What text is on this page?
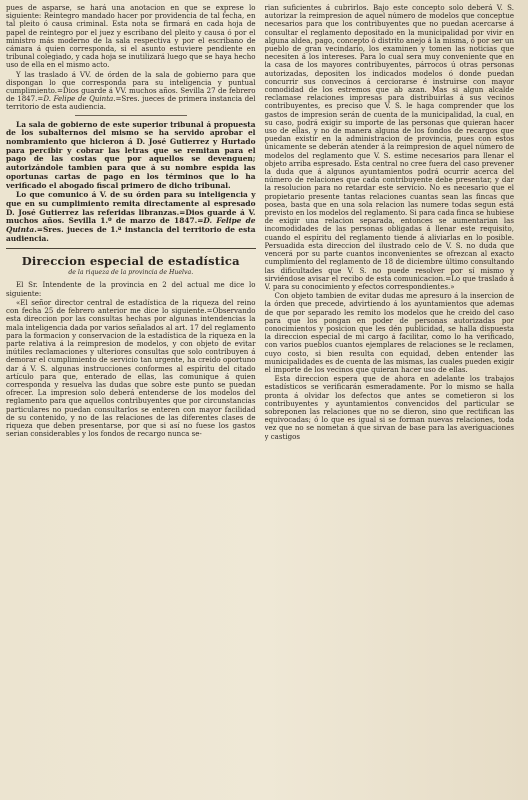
pues de asparse, se hará una anotacion en que se exprese lo siguiente: Reintegro mandado hacer por providencia de tal fecha, en tal pleito ó causa criminal. Esta nota se firmará en cada hoja de papel de reintegro por el juez y escribano del pleito y causa ó por el ministro más moderno de la sala respectiva y por el escribano de cámara á quien corresponda, si el asunto estuviere pendiente en tribunal colegiado, y cada hoja se inutilizará luego que se haya hecho uso de ella en el mismo acto.

Y las traslado á VV. de órden de la sala de gobierno para que dispongan lo que corresponda para su inteligencia y puntual cumplimiento.=Dios guarde á VV. muchos años. Sevilla 27 de febrero de 1847.=D. Felipe de Quinta.=Sres. jueces de primera instancia del territorio de esta audiencia.

La sala de gobierno de este superior tribunal á propuesta de los subalternos del mismo se ha servido aprobar el nombramiento que hicieron á D. José Gutierrez y Hurtado para percibir y cobrar las letras que se remitan para el pago de las costas que por aquellos se devenguen; autorizándole tambien para que á su nombre espida las oportunas cartas de pago en los términos que lo ha verificado el abogado fiscal primero de dicho tribunal.

Lo que comunico á V. de su órden para su inteligencia y que en su cumplimiento remita directamente al espresado D. José Gutierrez las referidas libranzas.=Dios guarde á V. muchos años. Sevilla 1.º de marzo de 1847.=D. Felipe de Quinta.=Sres. jueces de 1.ª instancia del territorio de esta audiencia.

Direccion especial de estadística
de la riqueza de la provincia de Huelva.

El Sr. Intendente de la provincia en 2 del actual me dice lo siguiente:

«El señor director central de estadística de la riqueza del reino con fecha 25 de febrero anterior me dice lo siguiente.=Observando esta direccion por las consultas hechas por algunas intendencias la mala inteligencia dada por varios señalados al art. 17 del reglamento para la formacion y conservacion de la estadística de la riqueza en la parte relativa á la reimpresion de modelos, y con objeto de evitar inútiles reclamaciones y ulteriores consultas que solo contribuyen á demorar el cumplimiento de servicio tan urgente, ha creido oportuno dar á V. S. algunas instrucciones conformes al espíritu del citado artículo para que, enterado de ellas, las comunique á quien corresponda y resuelva las dudas que sobre este punto se puedan ofrecer. La impresion solo deberá entenderse de los modelos del reglamento para que aquellos contribuyentes que por circunstancias particulares no puedan consultarlos se enteren con mayor facilidad de su contenido, y no de las relaciones de las diferentes clases de riqueza que deben presentarse, por que si así no fuese los gastos serian considerables y los fondos de recargo nunca se-

rian suficientes á cubrirlos. Bajo este concepto solo deberá V. S. autorizar la reimpresion de aquel número de modelos que conceptue necesarios para que los contribuyentes que no puedan acercarse á consultar el reglamento depositado en la municipalidad por vivir en alguna aldea, pago, concepto ó distrito anejo á la misma, ó por ser un pueblo de gran vecindario, los examinen y tomen las noticias que necesiten á los intereses. Para lo cual sera muy conveniente que en la casa de los mayores contribuyentes, párrocos ú otras personas autorizadas, depositen los indicados modelos ó donde puedan concurrir sus convecinos á cerciorarse é instruirse con mayor comodidad de los estremos que ab azan. Mas si algun alcalde reclamase relaciones impresas para distribuirlas á sus vecinos contribuyentes, es preciso que V. S. le haga comprender que los gastos de impresion serán de cuenta de la municipalidad, la cual, en su caso, podrá exigir su importe de las personas que quieran hacer uso de ellas, y no de manera alguna de los fondos de recargos que puedan existir en la administracion de provincia, pues con estos únicamente se deberán atender á la reimpresion de aquel número de modelos del reglamento que V. S. estime necesarios para llenar el objeto arriba espresado. Esta central no cree fuera del caso prevener la duda que á algunos ayuntamientos podrá ocurrir acerca del número de relaciones que cada contribuyente debe presentar, y dar la resolucion para no retardar este servicio. No es necesario que el propietario presente tantas relaciones cuantas sean las fincas que posea, basta que en una sola relacion las numere todas segun está previsto en los modelos del reglamento. Si para cada finca se hubiese de exigir una relacion separada, entonces se aumentarian las incomodidades de las personas obligadas á llenar este requisito, cuando el espíritu del reglamento tiende á aliviarlas en lo posible. Persuadida esta direccion del ilustrado celo de V. S. no duda que vencerá por su parte cuantos inconvenientes se ofrezcan al exacto cumplimiento del reglamento de 18 de diciembre último consultando las dificultades que V. S. no puede resolver por sí mismo y sirviéndose avisar el recibo de esta comunicacion.=Lo que traslado á V. para su conocimiento y efectos correspondientes.»

Con objeto tambien de evitar dudas me apresuro á la insercion de la órden que precede, advirtiendo á los ayuntamientos que ademas de que por separado les remito los modelos que he creido del caso para que los pongan en poder de personas autorizadas por conocimientos y posicion que les dén publicidad, se halla dispuesta la direccion especial de mi cargo á facilitar, como lo ha verificado, con varios pueblos cuantos ejemplares de relaciones se le reclamen, cuyo costo, si bien resulta con equidad, deben entender las municipalidades es de cuenta de las mismas, las cuales pueden exigir el importe de los vecinos que quieran hacer uso de ellas.

Esta direccion espera que de ahora en adelante los trabajos estadísticos se verificarán esmeradamente. Por lo mismo se halla pronta á olvidar los defectos que antes se cometieron si los contribuyentes y ayuntamientos convencidos del particular se sobreponen las relaciones que no se dieron, sino que rectifican las equivocadas; ó lo que es igual si se forman nuevas relaciones, toda vez que no se nometan á que sirvan de base para las averiguaciones y castigos
